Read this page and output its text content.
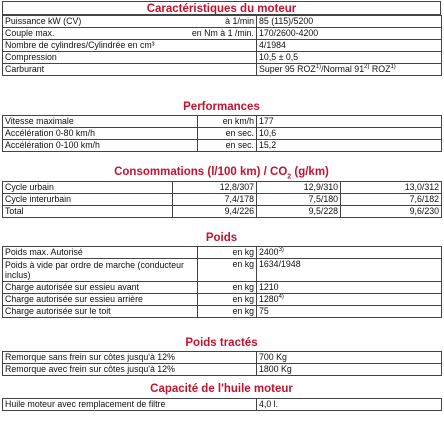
Caractéristiques du moteur
Puissance kW (CV) à 1/min	85 (115)/5200

Couple max. en Nm à 1 /min.	170/2600-4200

Nombre de cylindres/Cylindrée en cm³	4/1984

Compression	10,5 ± 0,5

Carburant	Super 95 ROZ$^{1)}$/Normal 91$^{2)}$ ROZ$^{1)}$
Performances
Vitesse maximale	en km/h	177
Accélération 0-80 km/h	en sec.	10,6
Accélération 0-100 km/h	en sec.	15,2
Consommations (l/100 $km) / CO_2$ (g/km)
Cycle urbain	12,8/307	12,9/310	13,0/312
Cycle interurbain	7,4/178	7,5/180	7,6/182
Total	9,4/226	9,5/228	9,6/230
Poids
Poids max. Autorisé	en kg	2400$^{3)}$
Poids à vide par ordre de marche (conducteur inclus)	en kg	1634/1948
Charge autorisée sur essieu avant	en kg	1210
Charge autorisée sur essieu arrière	en kg	1280$^{4)}$
Charge autorisée sur le toit	en kg	75
Poids tractés
Remorque sans frein sur côtes jusqu'à 12%	700 Kg
Remorque avec frein sur côtes jusqu'à 12%	1800 Kg
Capacité de l'huile moteur
Huile moteur avec remplacement de filtre	4,0 l.
